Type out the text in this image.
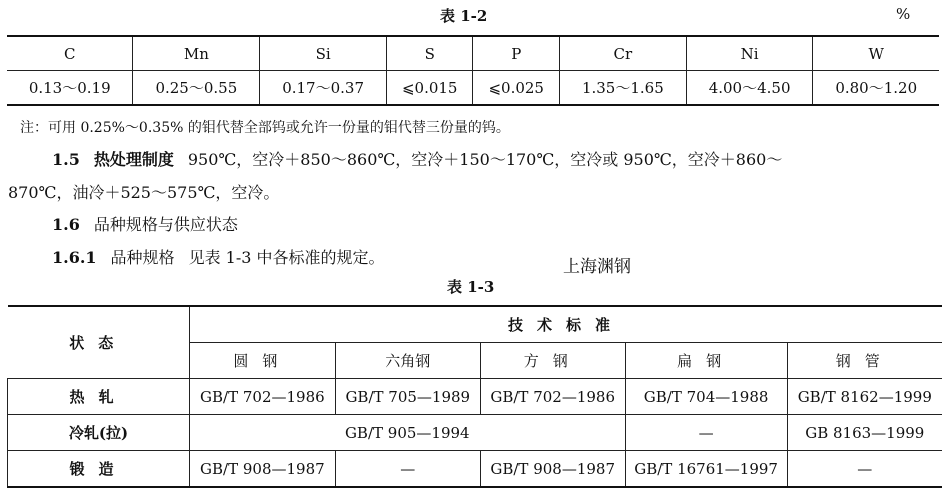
表 1-2	%
C	Mn	Si	S	P	Cr	Ni	W
0.13～0.19	0.25～0.55	0.17～0.37	⩽0.015	⩽0.025	1.35～1.65	4.00～4.50	0.80～1.20
注：可用 0.25%～0.35% 的钼代替全部钨或允许一份量的钼代替三份量的钨。
1.5 热处理制度 950℃，空冷＋850～860℃，空冷＋150～170℃，空冷或 950℃，空冷＋860～
870℃，油冷＋525～575℃，空冷。
1.6 品种规格与供应状态
1.6.1 品种规格 见表 1-3 中各标准的规定。	上海渊钢
表 1-3
状态	技术标准				
	圆钢	六角钢	方钢	扁钢	钢管
热轧	GB/T 702—1986	GB/T 705—1989	GB/T 702—1986	GB/T 704—1988	GB/T 8162—1999
冷轧(拉)	GB/T 905—1994			—	GB 8163—1999
锻造	GB/T 908—1987	—	GB/T 908—1987	GB/T 16761—1997	—
